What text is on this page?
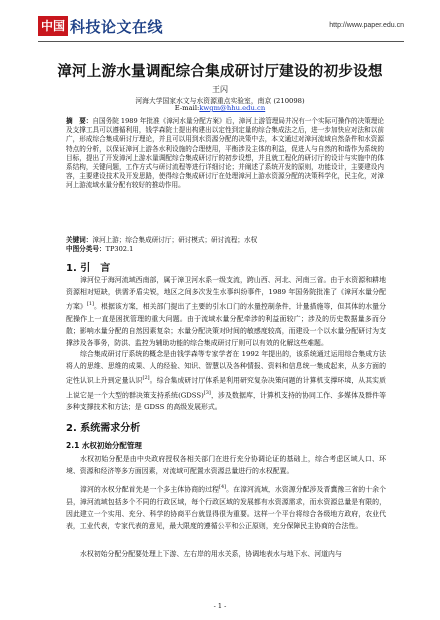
中国 科技论文在线	http://www.paper.edu.cn
漳河上游水量调配综合集成研讨厅建设的初步设想
王闪
河海大学国家水文与水资源重点实验室，南京 (210098)
E-mail:kwgm@hhu.edu.cn
摘　要：自国务院 1989 年批准《漳河水量分配方案》后，漳河上游管理局井况有一个实际可操作的决策理论及支撑工具可以遵循利用，钱学森院士提出构建出以定性到定量的综合集成法之后，进一步加快应对法和以前广，形成综合集成研讨厅理论，并且可以用到水资源分配的决策中去，本文通过对漳河流域自然条件和水资源特点的分析，以保证漳河上游各水利设施的合理使用，平衡涉及主体的利益，促进人与自然的和谐作为系统的目标，提出了开发漳河上游水量调配综合集成研讨厅的初步设想，并且就工程化的研讨厅的设计与实施中的体系结构，关键问题，工作方式与研讨流程等进行详细讨论；并阐述了系统开发的原则，功能设计，主要建设内容，主要建设技术及开发思路，使得综合集成研讨厅在处理漳河上游水资源分配的决策科学化，民主化，对漳河上游流域水量分配有较好的推动作用。
关键词：漳河上游；综合集成研讨厅；研讨模式；研讨流程；水权
中图分类号：TP302.1
1. 引　言
漳河位于海河流域西南部，属于漳卫河水系一级支流，跨山西、河北、河南三省。由于水资源和耕地资源相对短缺，供需矛盾尖锐，地区之间多次发生水事纠纷事件，1989 年国务院批准了《漳河水量分配方案》[1]。根据该方案，相关部门提出了主要的引水口门的水量控制条件，计量措施等，但其体的水量分配操作上一直是困扰管理的重大问题。由于流域水量分配牵涉的利益面较广；涉及的历史数据量多而分散；影响水量分配的自然因素复杂；水量分配决策对时间的敏感度较高，而建设一个以水量分配研讨为支撑涉及各事务，防洪、监控为辅助功能的综合集成研讨厅则可以有效的化解这些难题。
综合集成研讨厅系统的概念是由钱学森等专家学者在 1992 年提出的，该系统通过运用综合集成方法将人的思维、思维的成果、人的经验、知识、智慧以及各种情报、资料和信息统一集成起来，从多方面的定性认识上升到定量认识[2]。综合集成研讨厅体系是利用研究复杂决策问题的计算机支撑环境，从其实质上说它是一个大型的群决策支持系统(GDSS)[3]，涉及数据库，计算机支持的协同工作、多媒体及群件等多种支撑技术和方法；是 GDSS 的高级发展形式。
2. 系统需求分析
2.1 水权初始分配管理
水权初始分配是由中央政府授权各相关部门在进行充分协调论证的基础上，综合考虑区域人口、环境、资源和经济等多方面因素，对流域可配置水资源总量进行的水权配置。
漳河的水权分配首先是一个多主体协商的过程[4]。在漳河流域，水资源分配涉及晋冀豫三省的十余个县，漳河流域包括多个不同的行政区域，每个行政区域的发展都有水资源需求，而水资源总量是有限的，因此建立一个实用、充分、科学的协商平台就显得很为重要。这样一个平台将综合各级地方政府，农业代表，工业代表，专家代表的意见，最大限度的遵循公平和公正原则，充分保障民主协商的合法性。
水权初始分配分配要处理上下游、左右岸的用水关系，协调地表水与地下水、河道内与
- 1 -
